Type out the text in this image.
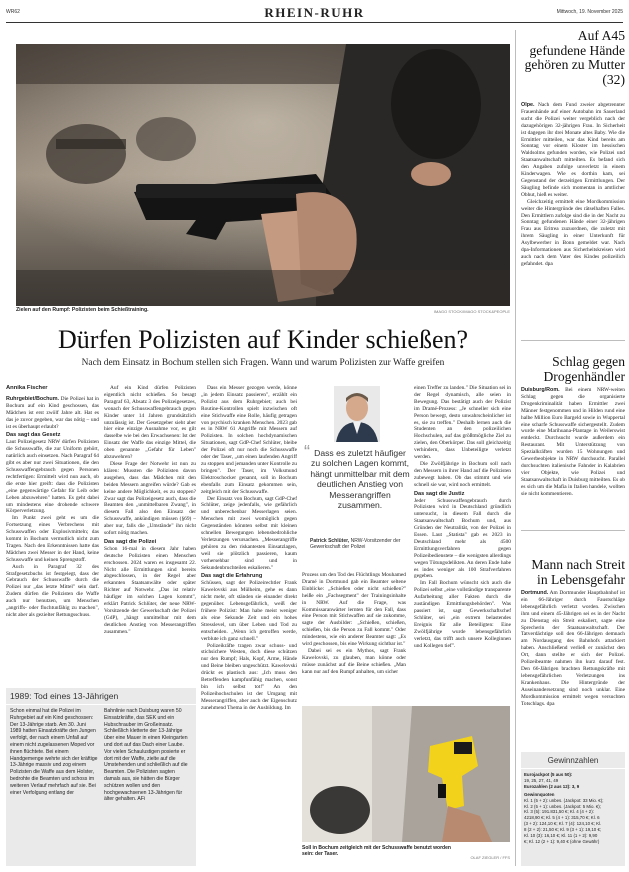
WR62	RHEIN-RUHR	Mittwoch, 19. November 2025
Zielen auf den Rumpf: Polizisten beim Schießtraining.	IMAGO STOCK/IMAGO STOCK&PEOPLE
Dürfen Polizisten auf Kinder schießen?
Nach dem Einsatz in Bochum stellen sich Fragen. Wann und warum Polizisten zur Waffe greifen
Annika Fischer
Ruhrgebiet/Bochum. Die Polizei hat in Bochum auf ein Kind geschossen, das Mädchen ist erst zwölf Jahre alt. Hat es das je zuvor gegeben, war das nötig – und ist es überhaupt erlaubt?
Das sagt das Gesetz
Laut Polizeigesetz NRW dürfen Polizisten die Schusswaffe, die zur Uniform gehört, natürlich auch einsetzen. Nach Paragraf 64 gibt es aber nur zwei Situationen, die den Schusswaffengebrauch gegen Personen rechtfertigen: Ermittelt wird nun auch, ob die erste hier greift: dass die Polizisten „eine gegenwärtige Gefahr für Leib oder Leben abzuwehren" hatten. Es geht dabei um mindestens eine drohende schwere Körperverletzung.
Im Punkt zwei geht es um die Fortsetzung eines Verbrechens mit Schusswaffen oder Explosivmitteln; das kommt in Bochum vermutlich nicht zum Tragen. Nach den Erkenntnissen hatte das Mädchen zwei Messer in der Hand, keine Schusswaffe und keinen Sprengstoff.
Auch in Paragraf 32 des Strafgesetzbuchs ist festgelegt, dass der Gebrauch der Schusswaffe durch die Polizei nur „das letzte Mittel" sein darf. Zudem dürfen die Polizisten die Waffe auch nur benutzen, um Menschen „angriffs- oder fluchtunfähig zu machen", nicht aber als gezielter Rettungsschuss.
Auf ein Kind dürfen Polizisten eigentlich nicht schießen. So besagt Paragraf 63, Absatz 3 des Polizeigesetzes, wonach der Schusswaffengebrauch gegen Kinder unter 14 Jahren grundsätzlich unzulässig ist. Der Gesetzgeber sieht aber hier eine einzige Ausnahme vor, es gilt dasselbe wie bei den Erwachsenen: Ist der Einsatz der Waffe das einzige Mittel, die oben genannte „Gefahr für Leben" abzuwehren?
Diese Frage der Notwehr ist nun zu klären: Mussten die Polizisten davon ausgehen, dass das Mädchen mit den beiden Messern angreifen würde? Gab es keine andere Möglichkeit, es zu stoppen? Zwar sagt das Polizeigesetz auch, dass die Beamten den „unmittelbaren Zwang", in diesem Fall also den Einsatz der Schusswaffe, ankündigen müssen (§69) – aber nur, falls die „Umstände" ihn nicht sofort nötig machen.
Das sagt die Polizei
Schon 16-mal in diesem Jahr haben deutsche Polizisten einen Menschen erschossen. 2024 waren es insgesamt 22. Nicht alle Ermittlungen sind bereits abgeschlossen, in der Regel aber erkannten Staatsanwälte oder später Richter auf Notwehr. „Das ist relativ häufiger im solchen Lagen kommt", erklärt Patrick Schlüter, der neue NRW-Vorsitzende der Gewerkschaft der Polizei (GdP), „hängt unmittelbar mit dem deutlichen Anstieg von Messerangriffen zusammen."
Dass ein Messer gezogen werde, könne „in jedem Einsatz passieren", erzählt ein Polizist aus dem Ruhrgebiet; auch bei Routine-Kontrollen spielt inzwischen oft eine Stichwaffe eine Rolle, häufig getragen von psychisch kranken Menschen. 2023 gab es in NRW 61 Angriffe mit Messern auf Polizisten. In solchen hochdynamischen Situationen, sagt GdP-Chef Schlüter, bleibe der Polizei oft nur noch die Schusswaffe oder der Taser, „um einen laufenden Angriff zu stoppen und jemanden unter Kontrolle zu bringen". Der Taser, im Volksmund Elektroschocker genannt, soll in Bochum ebenfalls zum Einsatz gekommen sein, zeitgleich mit der Schusswaffe.
Der Einsatz von Bochum, sagt GdP-Chef Schlüter, zeige jedenfalls, wie gefährlich und unberechenbar Messerlagen seien. Menschen mit zwei womöglich gegen Gegenständen könnten selbst mit kleinen schnellen Bewegungen lebensbedrohliche Verletzungen verursachen. „Messerangriffe gehören zu den riskantesten Einsatzlagen, weil sie plötzlich passieren, kaum vorhersehbar sind und in Sekundenbruchteilen eskalieren."
Das sagt die Erfahrung
Schüssen, sagt der Polizeirechtler Frank Kawelovski aus Mülheim, gehe es dann nicht mehr, oft ständen sie einander direkt gegenüber. Lebensgefährlich, weiß der frühere Polizist: Man habe meist weniger als eine Sekunde Zeit und ein hohes Stresslevel, um über Leben und Tod zu entscheiden. „Wenn ich getroffen werde, verblute ich ganz schnell."
Polizeikräfte tragen zwar schuss- und stichsichere Westen, doch diese schützen nur den Rumpf; Hals, Kopf, Arme, Hände und Beine bleiben ungeschützt. Kawelovski drückt es plastisch aus: „Ich muss den Betreffenden kampfunfähig machen, sonst bin ich selbst tot!" An den Polizeihochschulen ist der Umgang mit Messerangriffen, aber auch der Eigenschutz zunehmend Thema in der Ausbildung. Im
“ Dass es zuletzt häufiger zu solchen Lagen kommt, hängt unmittelbar mit dem deutlichen Anstieg von Messerangriffen zusammen.
Patrick Schlüter, NRW-Vorsitzender der Gewerkschaft der Polizei
Prozess um den Tod des Flüchtlings Mouhamed Dramé in Dortmund gab ein Beamter seltene Einblicke: „Schießen oder nicht schießen?" heiße ein „Fachsegment" der Trainingsinhalte in NRW. Auf die Frage, was Kommissaranwärter lernten für den Fall, dass eine Person mit Stichwaffen auf sie zukomme, sagte der Ausbilder: „Schießen, schießen, schießen, bis die Person zu Fall kommt." Oder mindestens, wie ein anderer Beamter sagt: „Es wird geschossen, bis eine Wirkung sichtbar ist."
Dabei sei es ein Mythos, sagt Frank Kawelovski, zu glauben, man könne oder müsse zunächst auf die Beine schießen. „Man kann nur auf den Rumpf anhalten, um sicher
einen Treffer zu landen." Die Situation sei in der Regel dynamisch, alle seien in Bewegung. Das bestätigt auch der Polizist im Dramé-Prozess: „Je schneller sich eine Person bewegt, desto unwahrscheinlicher ist es, sie zu treffen." Deshalb lernen auch die Studenten an den polizeilichen Hochschulen, auf das größtmögliche Ziel zu zielen, den Oberkörper. Das soll gleichzeitig verhindern, dass Unbeteiligte verletzt werden.
Die Zwölfjährige in Bochum soll nach den Messern in ihrer Hand auf die Polizisten zubewegt haben. Ob das stimmt und wie schnell sie war, wird noch ermittelt.
Das sagt die Justiz
Jeder Schusswaffengebrauch durch Polizisten wird in Deutschland gründlich untersucht, in diesem Fall durch die Staatsanwaltschaft Bochum und, aus Gründen der Neutralität, von der Polizei in Essen. Laut „Statista" gab es 2023 in Deutschland mehr als 4500 Ermittlungsverfahren gegen Polizeibedienstete – die wenigsten allerdings wegen Tötungsdelikten. An deren Ende habe es indes weniger als 100 Strafverfahren gegeben.
Im Fall Bochum wünscht sich auch die Polizei selbst „eine vollständige transparente Aufarbeitung aller Fakten durch die zuständigen Ermittlungsbehörden". Was passiert ist, sagt Gewerkschaftschef Schlüter, sei „ein extrem belastendes Ereignis für alle Beteiligten: Eine Zwölfjährige wurde lebensgefährlich verletzt, das trifft auch unsere Kolleginnen und Kollegen tief".
1989: Tod eines 13-Jährigen
Schon einmal hat die Polizei im Ruhrgebiet auf ein Kind geschossen: Der 13-Jährige starb. Am 30. Juni 1989 hatten Einsatzkräfte den Jungen verfolgt, der nach einem Unfall auf einem nicht zugelassenen Moped vor ihnen flüchtete. Bei einem Handgemenge wehrte sich der kräftige 13-Jährige massiv und zog einem Polizisten die Waffe aus dem Holster, bedrohte die Beamten und schoss im weiteren Verlauf mehrfach auf sie. Bei einer Verfolgung entlang der
Bahnlinie nach Duisburg waren 50 Einsatzkräfte, das SEK und ein Hubschrauber im Großeinsatz. Schließlich kletterte der 13-Jährige über eine Mauer in einen Kleingarten und dort auf das Dach einer Laube. Vor vielen Schaulustigen posierte er dort mit der Waffe, zielte auf die Umstehenden und schließlich auf die Beamten. Die Polizisten sagten damals aus, sie hätten die Bürger schützen wollen und den hochgewachsenen 13-Jährigen für älter gehalten. AFi
Soll in Bochum zeitgleich mit der Schusswaffe benutzt worden sein: der Taser.
OLAF ZIEGLER / FFS
Auf A45 gefundene Hände gehören zu Mutter (32)
Olpe. Nach dem Fund zweier abgetrennter Frauenhände auf einer Autobahn im Sauerland sucht die Polizei weiter vergeblich nach der dazugehörigen 32-jährigen Frau. In Sicherheit ist dagegen ihr drei Monate altes Baby. Wie die Ermittler mitteilen, war das Kind bereits am Sonntag vor einem Kloster im hessischen Waldsolms gefunden worden, wie Polizei und Staatsanwaltschaft mitteilten. Es befand sich den Angaben zufolge unverletzt in einem Kinderwagen. Wie es dorthin kam, sei Gegenstand der derzeitigen Ermittlungen. Der Säugling befinde sich momentan in amtlicher Obhut, hieß es weiter.
Gleichzeitig ermittelt eine Mordkommission weiter die Hintergründe des rätselhaften Falles. Den Ermittlern zufolge sind die in der Nacht zu Sonntag gefundenen Hände einer 32-jährigen Frau aus Eritrea zuzuordnen, die zuletzt mit ihrem Säugling in einer Unterkunft für Asylbewerber in Bonn gemeldet war. Nach dpa-Informationen aus Sicherheitskreisen wird auch nach dem Vater des Kindes polizeilich gefahndet. dpa
Schlag gegen Drogenhändler
Duisburg/Rom. Bei einem NRW-weiten Schlag gegen die organisierte Drogenkriminalität haben Ermittler zwei Männer festgenommen und in Hilden rund eine halbe Million Euro Bargeld sowie in Wuppertal eine scharfe Schusswaffe sichergestellt. Zudem wurde eine Marihuana-Plantage in Weilerswist entdeckt. Durchsucht wurde außerdem ein Restaurant. Mit Unterstützung von Spezialkräften wurden 15 Wohnungen und Gewerbeobjekte in NRW durchsucht. Parallel durchsuchten italienische Fahnder in Kalabrien vier Objekte, wie Polizei und Staatsanwaltschaft in Duisburg mitteilten. Es ob es sich um die Mafia in Italien handele, wollten sie nicht kommentieren.
Mann nach Streit in Lebensgefahr
Dortmund. Am Dortmunder Hauptbahnhof ist ein 66-Jähriger durch Faustschläge lebensgefährlich verletzt worden. Zwischen ihm und einem 45-Jährigen sei es in der Nacht zu Dienstag ein Streit eskaliert, sagte eine Sprecherin der Staatsanwaltschaft. Der Tatverdächtige soll den 66-Jährigen demnach am Nordausgang des Bahnhofs attackiert haben. Anschließend verließ er zunächst den Ort, dann stellte er sich der Polizei. Polizeibeamte nahmen ihn kurz darauf fest. Den 66-Jährigen brachten Rettungskräfte mit lebensgefährlichen Verletzungen ins Krankenhaus. Die Hintergründe der Auseinandersetzung sind noch unklar. Eine Mordkommission ermittelt wegen versuchten Totschlags. dpa
Gewinnzahlen
Eurojackpot (5 aus 50):
19, 25, 27, 41, 49
Eurozahlen (2 aus 12): 3, 9
Gewinnquoten
Kl. 1 (5 + 2): unbes. (Jackpot: 33 Mio. €);
Kl. 2 (5 + 1): unbes. (Jackpot: 5 Mio. €);
Kl. 3 (5): 191.831,50 €; Kl. 4 (4 + 2):
4218,90 €; Kl. 5 (4 + 1): 315,70 €; Kl. 6
(3 + 2): 124,10 €; Kl. 7 (4): 124,10 €; Kl.
8 (2 + 2): 21,50 €; Kl. 9 (3 + 1): 19,10 €;
Kl. 10 (3): 16,10 €; Kl. 11 (1 + 2): 9,90
€; Kl. 12 (2 + 1): 9,40 € (ohne Gewähr)
